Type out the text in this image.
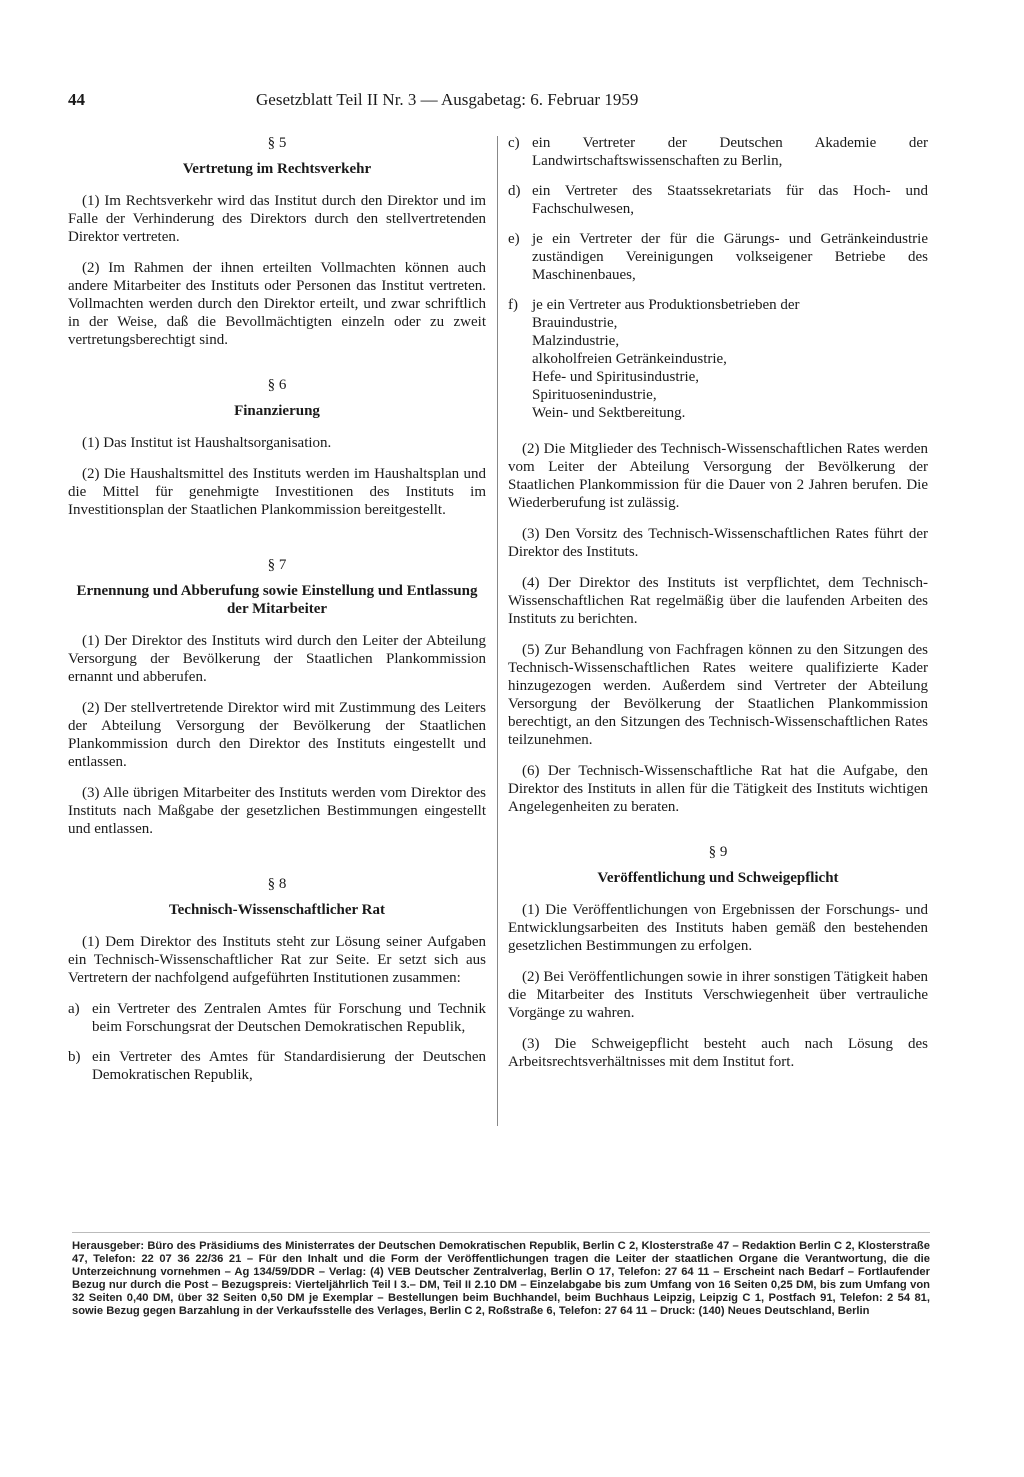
44	Gesetzblatt Teil II Nr. 3 — Ausgabetag: 6. Februar 1959
§ 5
Vertretung im Rechtsverkehr

(1) Im Rechtsverkehr wird das Institut durch den Direktor und im Falle der Verhinderung des Direktors durch den stellvertretenden Direktor vertreten.

(2) Im Rahmen der ihnen erteilten Vollmachten können auch andere Mitarbeiter des Instituts oder Personen das Institut vertreten. Vollmachten werden durch den Direktor erteilt, und zwar schriftlich in der Weise, daß die Bevollmächtigten einzeln oder zu zweit vertretungsberechtigt sind.

§ 6
Finanzierung

(1) Das Institut ist Haushaltsorganisation.

(2) Die Haushaltsmittel des Instituts werden im Haushaltsplan und die Mittel für genehmigte Investitionen des Instituts im Investitionsplan der Staatlichen Plankommission bereitgestellt.

§ 7
Ernennung und Abberufung sowie Einstellung und Entlassung der Mitarbeiter

(1) Der Direktor des Instituts wird durch den Leiter der Abteilung Versorgung der Bevölkerung der Staatlichen Plankommission ernannt und abberufen.

(2) Der stellvertretende Direktor wird mit Zustimmung des Leiters der Abteilung Versorgung der Bevölkerung der Staatlichen Plankommission durch den Direktor des Instituts eingestellt und entlassen.

(3) Alle übrigen Mitarbeiter des Instituts werden vom Direktor des Instituts nach Maßgabe der gesetzlichen Bestimmungen eingestellt und entlassen.

§ 8
Technisch-Wissenschaftlicher Rat

(1) Dem Direktor des Instituts steht zur Lösung seiner Aufgaben ein Technisch-Wissenschaftlicher Rat zur Seite. Er setzt sich aus Vertretern der nachfolgend aufgeführten Institutionen zusammen:

a) ein Vertreter des Zentralen Amtes für Forschung und Technik beim Forschungsrat der Deutschen Demokratischen Republik,
b) ein Vertreter des Amtes für Standardisierung der Deutschen Demokratischen Republik,
c) ein Vertreter der Deutschen Akademie der Landwirtschaftswissenschaften zu Berlin,
d) ein Vertreter des Staatssekretariats für das Hoch- und Fachschulwesen,
e) je ein Vertreter der für die Gärungs- und Getränkeindustrie zuständigen Vereinigungen volkseigener Betriebe des Maschinenbaues,
f) je ein Vertreter aus Produktionsbetrieben der
Brauindustrie,
Malzindustrie,
alkoholfreien Getränkeindustrie,
Hefe- und Spiritusindustrie,
Spirituosenindustrie,
Wein- und Sektbereitung.

(2) Die Mitglieder des Technisch-Wissenschaftlichen Rates werden vom Leiter der Abteilung Versorgung der Bevölkerung der Staatlichen Plankommission für die Dauer von 2 Jahren berufen. Die Wiederberufung ist zulässig.

(3) Den Vorsitz des Technisch-Wissenschaftlichen Rates führt der Direktor des Instituts.

(4) Der Direktor des Instituts ist verpflichtet, dem Technisch-Wissenschaftlichen Rat regelmäßig über die laufenden Arbeiten des Instituts zu berichten.

(5) Zur Behandlung von Fachfragen können zu den Sitzungen des Technisch-Wissenschaftlichen Rates weitere qualifizierte Kader hinzugezogen werden. Außerdem sind Vertreter der Abteilung Versorgung der Bevölkerung der Staatlichen Plankommission berechtigt, an den Sitzungen des Technisch-Wissenschaftlichen Rates teilzunehmen.

(6) Der Technisch-Wissenschaftliche Rat hat die Aufgabe, den Direktor des Instituts in allen für die Tätigkeit des Instituts wichtigen Angelegenheiten zu beraten.

§ 9
Veröffentlichung und Schweigepflicht

(1) Die Veröffentlichungen von Ergebnissen der Forschungs- und Entwicklungsarbeiten des Instituts haben gemäß den bestehenden gesetzlichen Bestimmungen zu erfolgen.

(2) Bei Veröffentlichungen sowie in ihrer sonstigen Tätigkeit haben die Mitarbeiter des Instituts Verschwiegenheit über vertrauliche Vorgänge zu wahren.

(3) Die Schweigepflicht besteht auch nach Lösung des Arbeitsrechtsverhältnisses mit dem Institut fort.

Herausgeber: Büro des Präsidiums des Ministerrates der Deutschen Demokratischen Republik, Berlin C 2, Klosterstraße 47 – Redaktion Berlin C 2, Klosterstraße 47, Telefon: 22 07 36 22/36 21 – Für den Inhalt und die Form der Veröffentlichungen tragen die Leiter der staatlichen Organe die Verantwortung, die die Unterzeichnung vornehmen – Ag 134/59/DDR – Verlag: (4) VEB Deutscher Zentralverlag, Berlin O 17, Telefon: 27 64 11 – Erscheint nach Bedarf – Fortlaufender Bezug nur durch die Post – Bezugspreis: Vierteljährlich Teil I 3.– DM, Teil II 2.10 DM – Einzelabgabe bis zum Umfang von 16 Seiten 0,25 DM, bis zum Umfang von 32 Seiten 0,40 DM, über 32 Seiten 0,50 DM je Exemplar – Bestellungen beim Buchhandel, beim Buchhaus Leipzig, Leipzig C 1, Postfach 91, Telefon: 2 54 81, sowie Bezug gegen Barzahlung in der Verkaufsstelle des Verlages, Berlin C 2, Roßstraße 6, Telefon: 27 64 11 – Druck: (140) Neues Deutschland, Berlin
